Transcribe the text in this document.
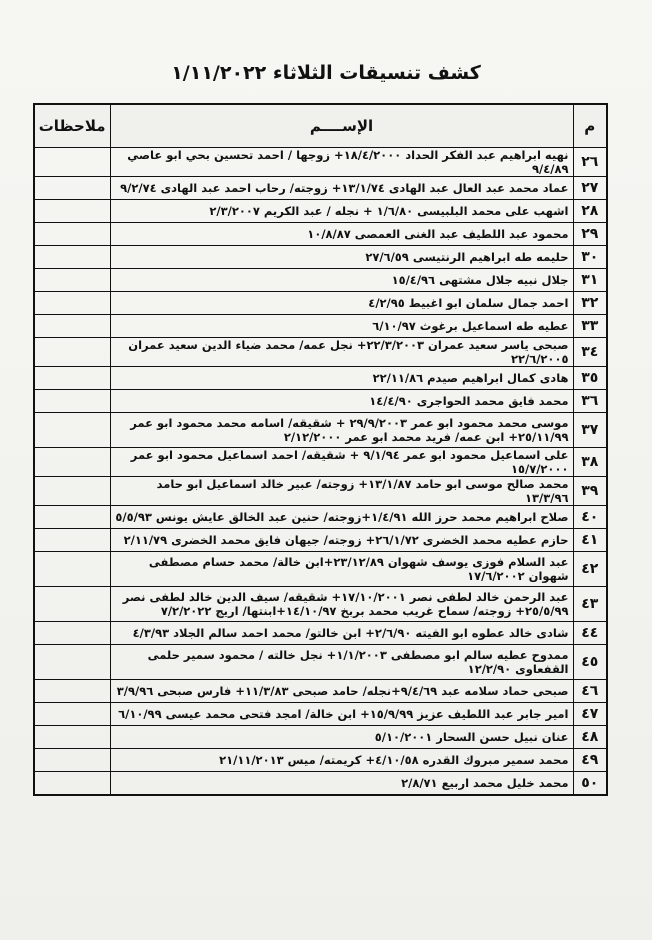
كشف تنسيقات الثلاثاء ١/١١/٢٠٢٢
م	الإســــم	ملاحظات
٢٦	نهيه ابراهيم عبد الفكر الحداد ١٨/٤/٢٠٠٠+ زوجها / احمد تحسين بحي ابو عاصي ٩/٤/٨٩	
٢٧	عماد محمد عبد العال عبد الهادى ١٣/١/٧٤+ زوجته/ رحاب احمد عبد الهادى ٩/٢/٧٤	
٢٨	اشهب على محمد البلبيسى ١/٦/٨٠ + نجله / عبد الكريم ٢/٣/٢٠٠٧	
٢٩	محمود عبد اللطيف عبد الغنى العمصى ١٠/٨/٨٧	
٣٠	حليمه طه ابراهيم الرنتيسى ٢٧/٦/٥٩	
٣١	جلال نبيه جلال مشتهى ١٥/٤/٩٦	
٣٢	احمد جمال سلمان ابو اغبيط ٤/٢/٩٥	
٣٣	عطيه طه اسماعيل برغوث ٦/١٠/٩٧	
٣٤	صبحى ياسر سعيد عمران ٢٢/٣/٢٠٠٣+ نجل عمه/ محمد ضياء الدين سعيد عمران ٢٢/٦/٢٠٠٥	
٣٥	هادى كمال ابراهيم صيدم ٢٢/١١/٨٦	
٣٦	محمد فايق محمد الحواجرى ١٤/٤/٩٠	
٣٧	موسى محمد محمود ابو عمر ٢٩/٩/٢٠٠٣ + شقيقه/ اسامه محمد محمود ابو عمر ٢٥/١١/٩٩+ ابن عمه/ فريد محمد ابو عمر ٢/١٢/٢٠٠٠	
٣٨	على اسماعيل محمود ابو عمر ٩/١/٩٤ + شقيقه/ احمد اسماعيل محمود ابو عمر ١٥/٧/٢٠٠٠	
٣٩	محمد صالح موسى ابو حامد ١٣/١/٨٧+ زوجته/ عبير خالد اسماعيل ابو حامد ١٣/٣/٩٦	
٤٠	صلاح ابراهيم محمد حرز الله ١/٤/٩١+زوجته/ حنين عبد الخالق عايش يونس ٥/٥/٩٣	
٤١	حازم عطيه محمد الخضرى ٢٦/١/٧٢+ زوجته/ جيهان فايق محمد الخضرى ٢/١١/٧٩	
٤٢	عبد السلام فوزى يوسف شهوان ٢٣/١٢/٨٩+ابن خالة/ محمد حسام مصطفى شهوان ١٧/٦/٢٠٠٢	
٤٣	عبد الرحمن خالد لطفى نصر ١٧/١٠/٢٠٠١+ شقيقه/ سيف الدين خالد لطفى نصر ٢٥/٥/٩٩+ زوجته/ سماح غريب محمد بربخ ١٤/١٠/٩٧+ابنتها/ اريج ٧/٢/٢٠٢٢	
٤٤	شادى خالد عطوه ابو الفيته ٢/٦/٩٠+ ابن خالتو/ محمد احمد سالم الجلاد ٤/٣/٩٣	
٤٥	ممدوح عطيه سالم ابو مصطفى ١/١/٢٠٠٣+ نجل خالته / محمود سمير حلمى القفعاوى ١٢/٢/٩٠	
٤٦	صبحى حماد سلامه عبد ٩/٤/٦٩+نجله/ حامد صبحى ١١/٣/٨٣+ فارس صبحى ٣/٩/٩٦	
٤٧	امير جابر عبد اللطيف عزيز ١٥/٩/٩٩+ ابن خالة/ امجد فتحى محمد عيسى ٦/١٠/٩٩	
٤٨	عنان نبيل حسن السحار ٥/١٠/٢٠٠١	
٤٩	محمد سمير مبروك القدره ٤/١٠/٥٨+ كريمته/ ميس ٢١/١١/٢٠١٣	
٥٠	محمد خليل محمد اربيع ٢/٨/٧١	
